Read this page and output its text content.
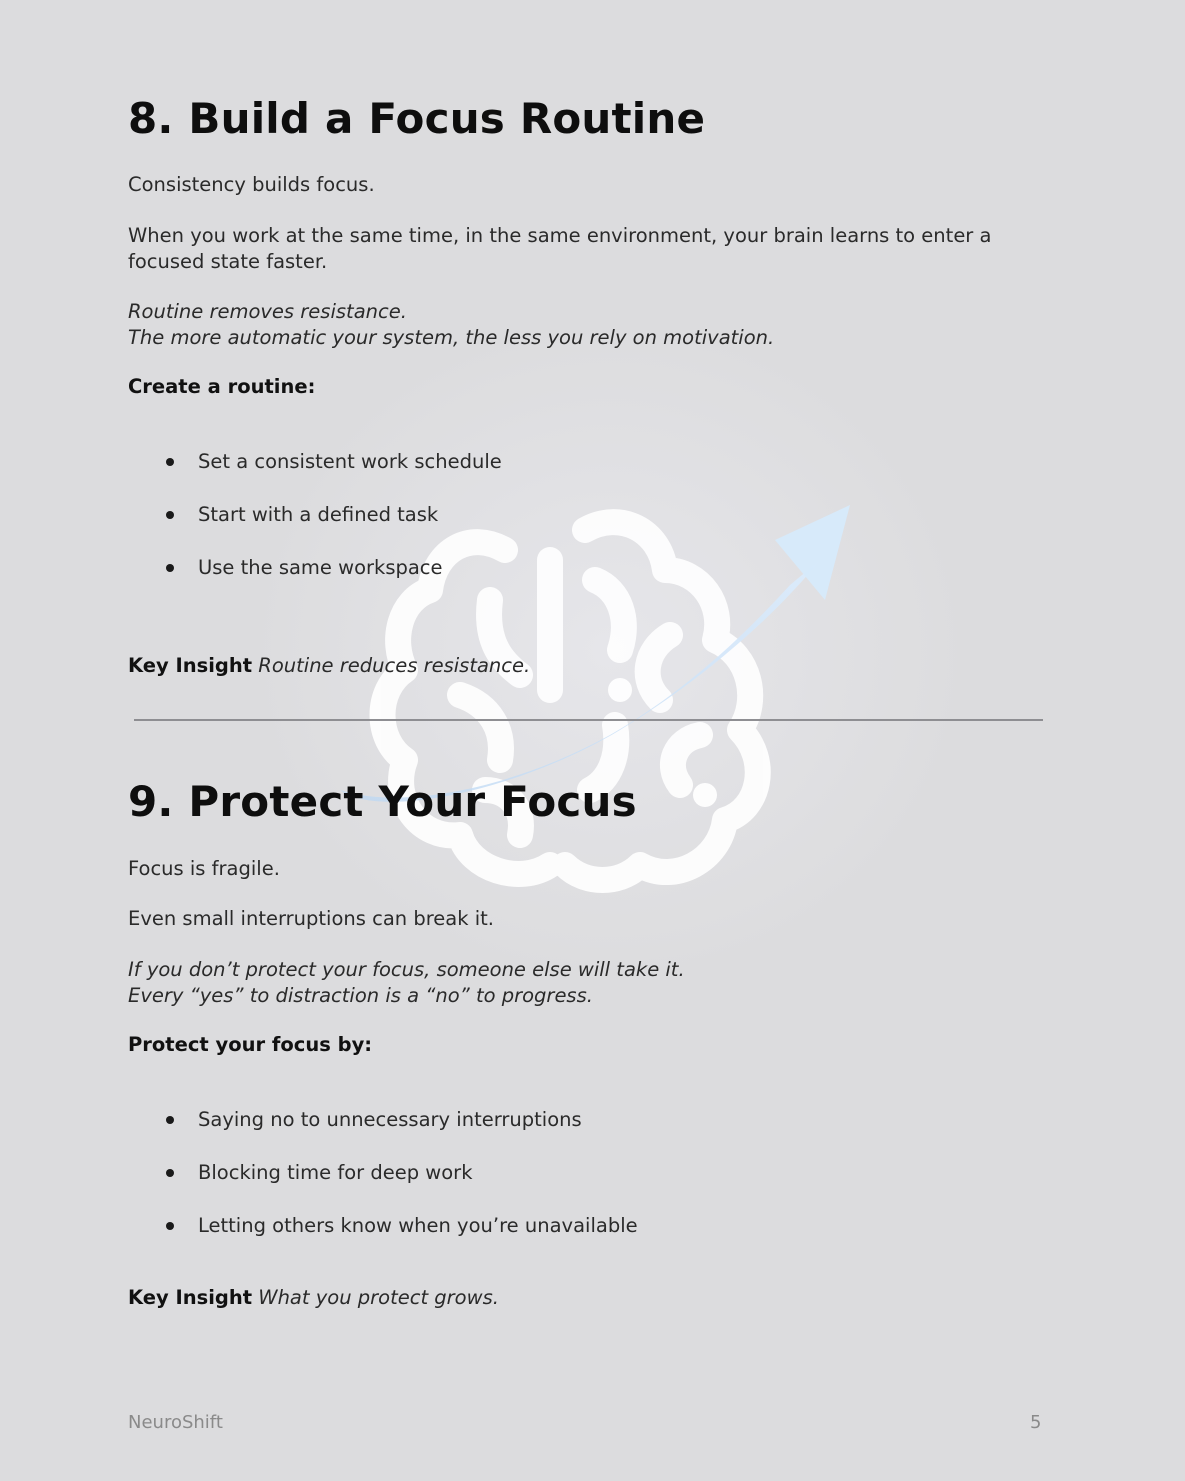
8. Build a Focus Routine

Consistency builds focus.

When you work at the same time, in the same environment, your brain learns to enter a focused state faster.

Routine removes resistance.
The more automatic your system, the less you rely on motivation.

Create a routine:

Set a consistent work schedule
Start with a defined task
Use the same workspace

Key Insight Routine reduces resistance.

9. Protect Your Focus

Focus is fragile.

Even small interruptions can break it.

If you don’t protect your focus, someone else will take it.
Every “yes” to distraction is a “no” to progress.

Protect your focus by:

Saying no to unnecessary interruptions
Blocking time for deep work
Letting others know when you’re unavailable

Key Insight What you protect grows.

NeuroShift	5
